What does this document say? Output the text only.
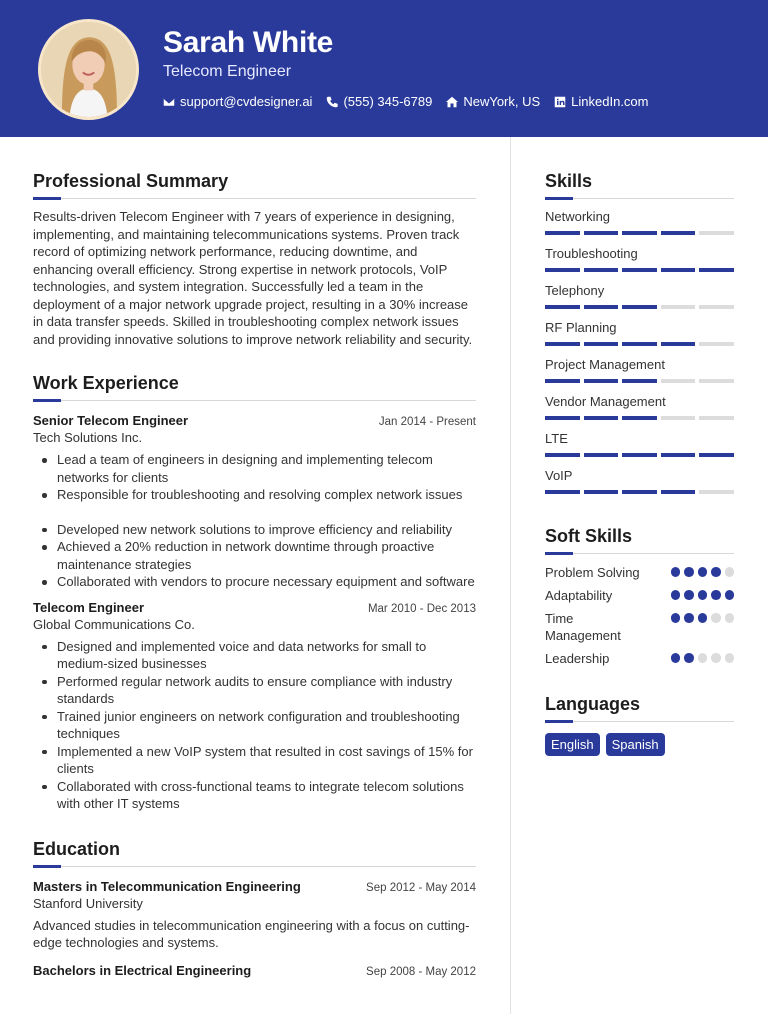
Sarah White
Telecom Engineer
support@cvdesigner.ai (555) 345-6789 NewYork, US LinkedIn.com
Professional Summary

Results-driven Telecom Engineer with 7 years of experience in designing, implementing, and maintaining telecommunications systems. Proven track record of optimizing network performance, reducing downtime, and enhancing overall efficiency. Strong expertise in network protocols, VoIP technologies, and system integration. Successfully led a team in the deployment of a major network upgrade project, resulting in a 30% increase in data transfer speeds. Skilled in troubleshooting complex network issues and providing innovative solutions to improve network reliability and security.

Work Experience
Senior Telecom Engineer	Jan 2014 - Present
Tech Solutions Inc.
Lead a team of engineers in designing and implementing telecom networks for clients
Responsible for troubleshooting and resolving complex network issues
Developed new network solutions to improve efficiency and reliability
Achieved a 20% reduction in network downtime through proactive maintenance strategies
Collaborated with vendors to procure necessary equipment and software
Telecom Engineer	Mar 2010 - Dec 2013
Global Communications Co.
Designed and implemented voice and data networks for small to medium-sized businesses
Performed regular network audits to ensure compliance with industry standards
Trained junior engineers on network configuration and troubleshooting techniques
Implemented a new VoIP system that resulted in cost savings of 15% for clients
Collaborated with cross-functional teams to integrate telecom solutions with other IT systems
Education
Masters in Telecommunication Engineering	Sep 2012 - May 2014
Stanford University

Advanced studies in telecommunication engineering with a focus on cutting-edge technologies and systems.

Bachelors in Electrical Engineering	Sep 2008 - May 2012
Skills
Networking
Troubleshooting
Telephony
RF Planning
Project Management
Vendor Management
LTE
VoIP
Soft Skills
Problem Solving
Adaptability
Time Management
Leadership
Languages
English	Spanish
